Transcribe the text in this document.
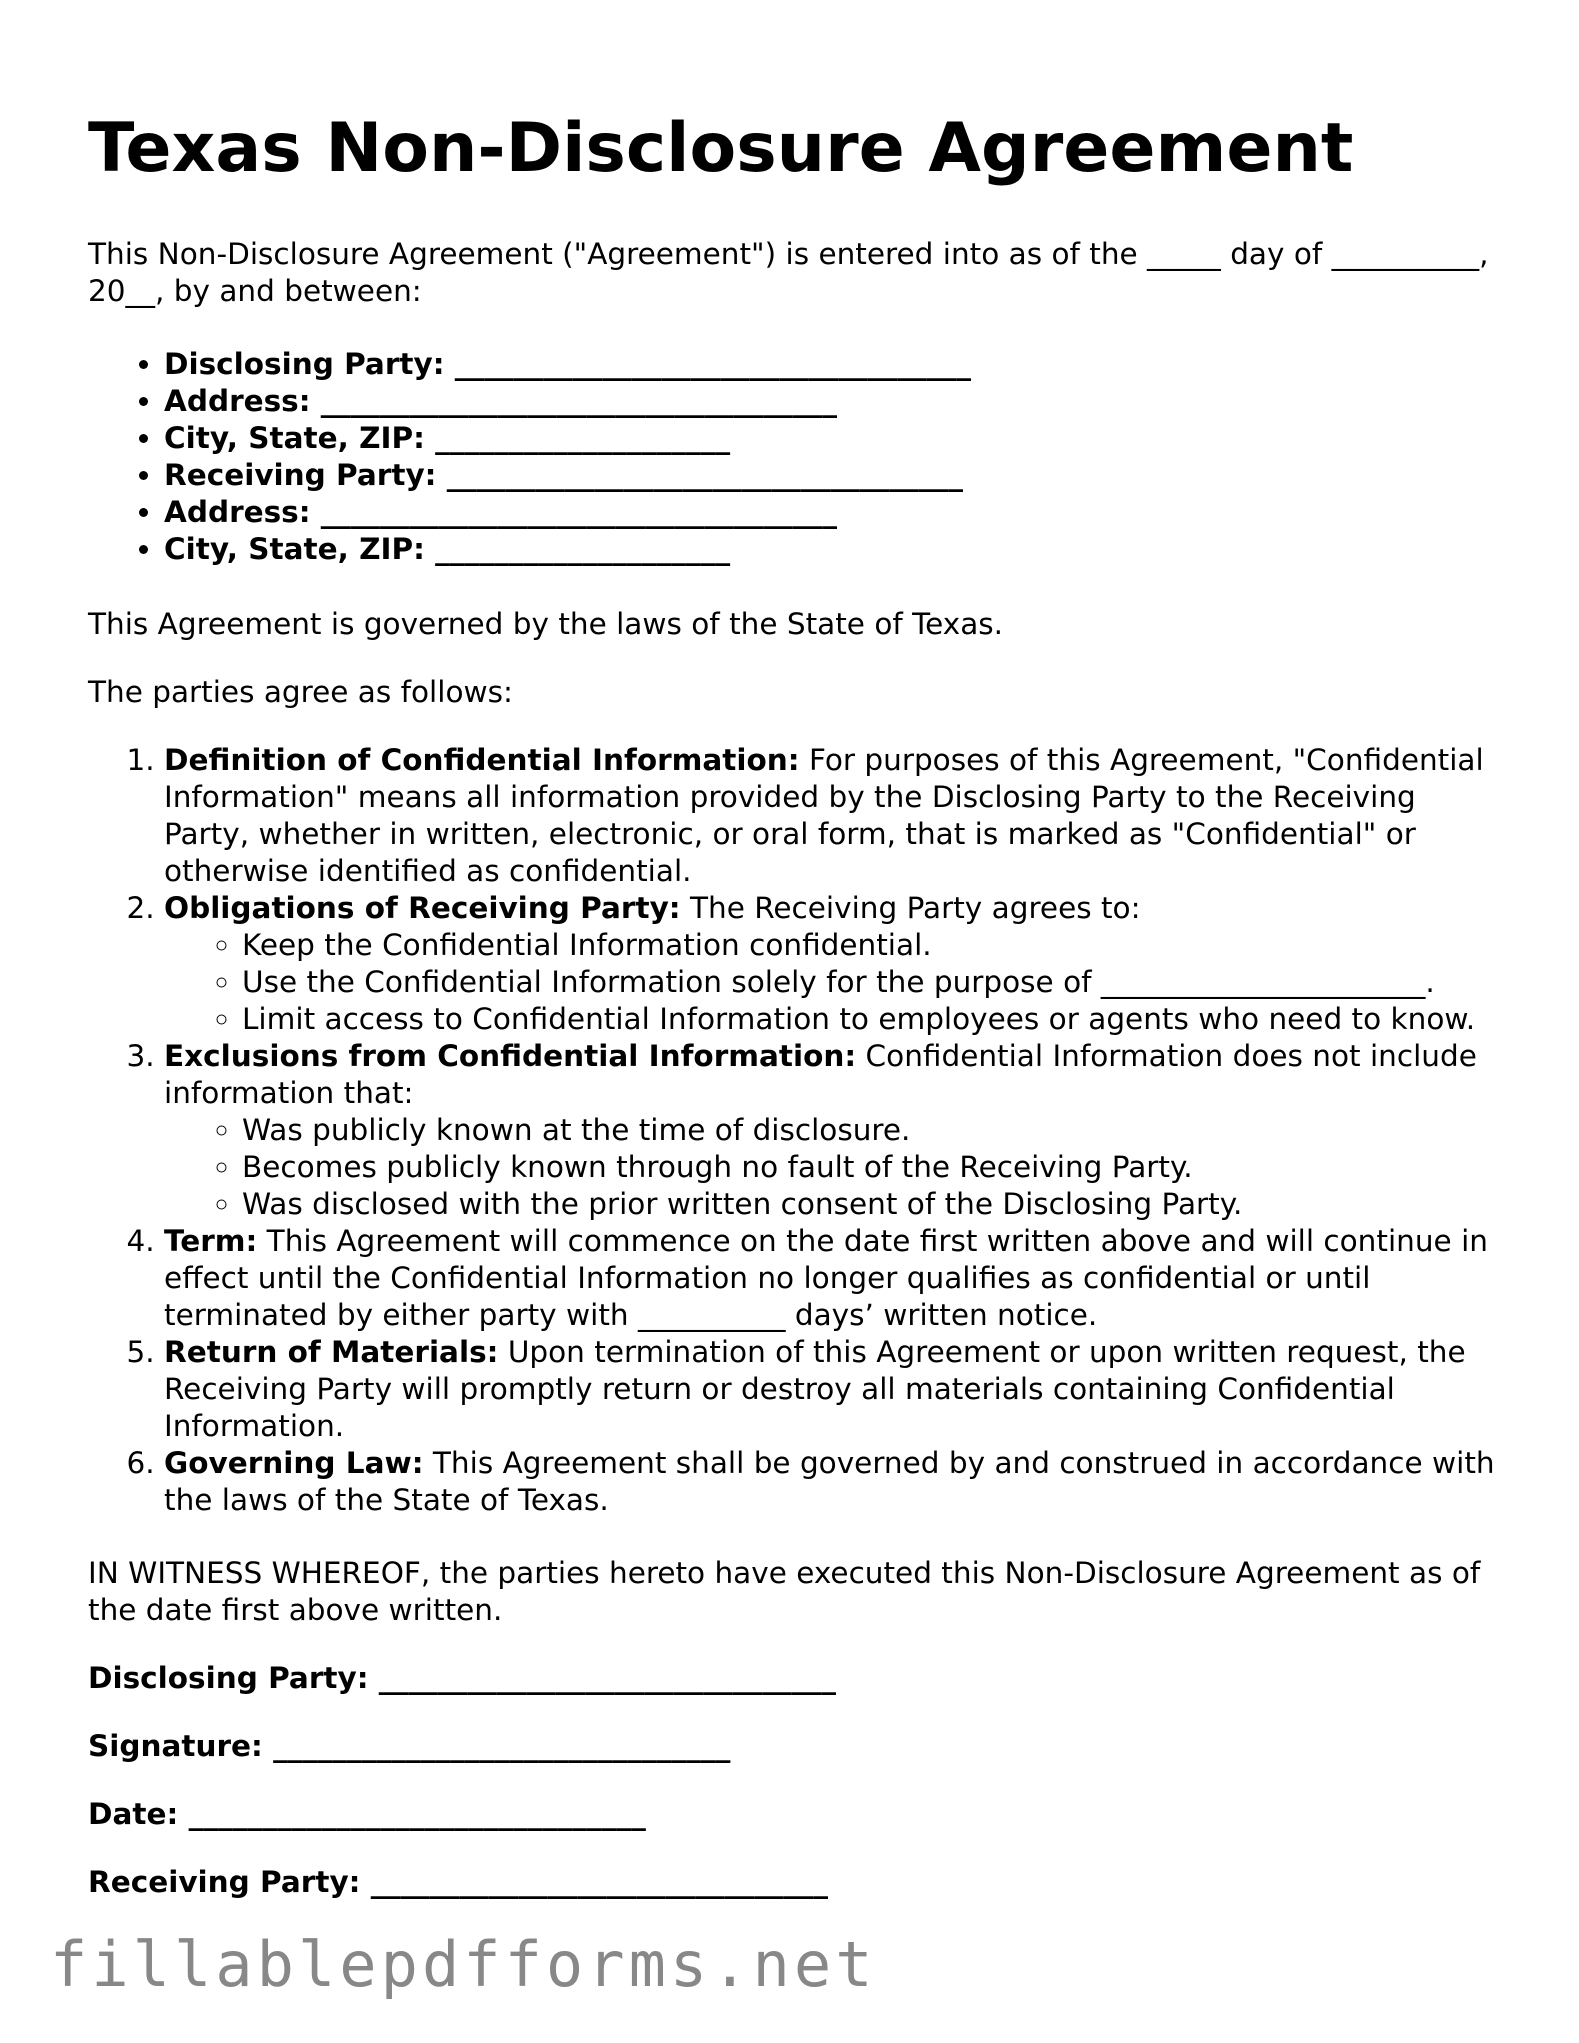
Texas Non-Disclosure Agreement

This Non-Disclosure Agreement ("Agreement") is entered into as of the _____ day of __________, 20__, by and between:

• Disclosing Party: ___________________________________
• Address: ___________________________________
• City, State, ZIP: ____________________
• Receiving Party: ___________________________________
• Address: ___________________________________
• City, State, ZIP: ____________________

This Agreement is governed by the laws of the State of Texas.

The parties agree as follows:

1. Definition of Confidential Information: For purposes of this Agreement, "Confidential Information" means all information provided by the Disclosing Party to the Receiving Party, whether in written, electronic, or oral form, that is marked as "Confidential" or otherwise identified as confidential.
2. Obligations of Receiving Party: The Receiving Party agrees to:
◦ Keep the Confidential Information confidential.
◦ Use the Confidential Information solely for the purpose of ______________________.
◦ Limit access to Confidential Information to employees or agents who need to know.
3. Exclusions from Confidential Information: Confidential Information does not include information that:
◦ Was publicly known at the time of disclosure.
◦ Becomes publicly known through no fault of the Receiving Party.
◦ Was disclosed with the prior written consent of the Disclosing Party.
4. Term: This Agreement will commence on the date first written above and will continue in effect until the Confidential Information no longer qualifies as confidential or until terminated by either party with __________ days’ written notice.
5. Return of Materials: Upon termination of this Agreement or upon written request, the Receiving Party will promptly return or destroy all materials containing Confidential Information.
6. Governing Law: This Agreement shall be governed by and construed in accordance with the laws of the State of Texas.

IN WITNESS WHEREOF, the parties hereto have executed this Non-Disclosure Agreement as of the date first above written.

Disclosing Party: _______________________________
Signature: _______________________________
Date: _______________________________
Receiving Party: _______________________________
fillablepdfforms.net
